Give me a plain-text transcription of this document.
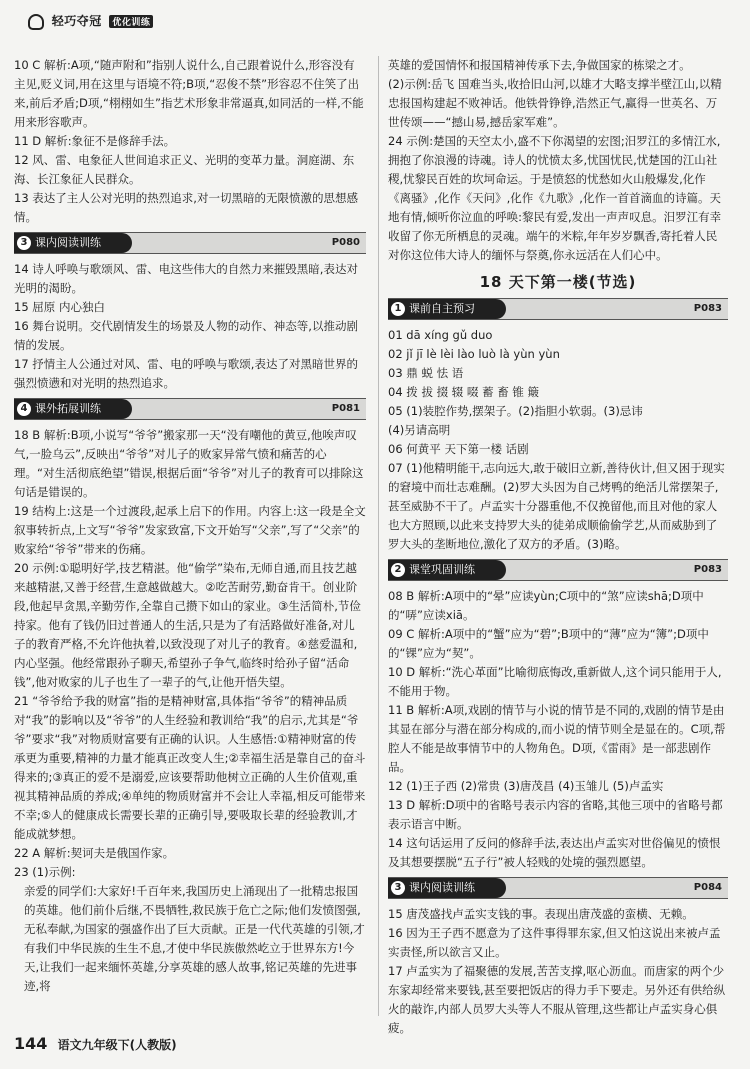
轻巧夺冠 优化训练

10 C 解析:A项,“随声附和”指别人说什么,自己跟着说什么,形容没有主见,贬义词,用在这里与语境不符;B项,“忍俊不禁”形容忍不住笑了出来,前后矛盾;D项,“栩栩如生”指艺术形象非常逼真,如同活的一样,不能用来形容歌声。

11 D 解析:象征不是修辞手法。

12 风、雷、电象征人世间追求正义、光明的变革力量。洞庭湖、东海、长江象征人民群众。

13 表达了主人公对光明的热烈追求,对一切黑暗的无限愤激的思想感情。

3 课内阅读训练	P080

14 诗人呼唤与歌颂风、雷、电这些伟大的自然力来摧毁黑暗,表达对光明的渴盼。

15 屈原 内心独白

16 舞台说明。交代剧情发生的场景及人物的动作、神态等,以推动剧情的发展。

17 抒情主人公通过对风、雷、电的呼唤与歌颂,表达了对黑暗世界的强烈愤懑和对光明的热烈追求。

4 课外拓展训练	P081

18 B 解析:B项,小说写“爷爷”搬家那一天“没有嘲他的黄豆,他唉声叹气,一脸乌云”,反映出“爷爷”对儿子的败家异常气愤和痛苦的心理。“对生活彻底绝望”错误,根据后面“爷爷”对儿子的教育可以排除这句话是错误的。

19 结构上:这是一个过渡段,起承上启下的作用。内容上:这一段是全文叙事转折点,上文写“爷爷”发家致富,下文开始写“父亲”,写了“父亲”的败家给“爷爷”带来的伤痛。

20 示例:①聪明好学,技艺精湛。他“偷学”染布,无师自通,而且技艺越来越精湛,又善于经营,生意越做越大。②吃苦耐劳,勤奋肯干。创业阶段,他起早贪黑,辛勤劳作,全靠自己攒下如山的家业。③生活简朴,节俭持家。他有了钱仍旧过普通人的生活,只是为了有活路做好准备,对儿子的教育严格,不允许他执着,以致没现了对儿子的教育。④慈爱温和,内心坚强。他经常跟孙子聊天,希望孙子争气,临终时给孙子留“活命钱”,他对败家的儿子也生了一辈子的气,让他开悟失望。

21 “爷爷给予我的财富”指的是精神财富,具体指“爷爷”的精神品质对“我”的影响以及“爷爷”的人生经验和教训给“我”的启示,尤其是“爷爷”要求“我”对物质财富要有正确的认识。人生感悟:①精神财富的传承更为重要,精神的力量才能真正改变人生;②幸福生活是靠自己的奋斗得来的;③真正的爱不是溺爱,应该要帮助他树立正确的人生价值观,重视其精神品质的养成;④单纯的物质财富并不会让人幸福,相反可能带来不幸;⑤人的健康成长需要长辈的正确引导,要吸取长辈的经验教训,才能成就梦想。

22 A 解析:契诃夫是俄国作家。

23 (1)示例:

亲爱的同学们:大家好!千百年来,我国历史上涌现出了一批精忠报国的英雄。他们前仆后继,不畏牺牲,救民族于危亡之际;他们发愤图强,无私奉献,为国家的强盛作出了巨大贡献。正是一代代英雄的引领,才有我们中华民族的生生不息,才使中华民族傲然屹立于世界东方!今天,让我们一起来缅怀英雄,分享英雄的感人故事,铭记英雄的先进事迹,将

英雄的爱国情怀和报国精神传承下去,争做国家的栋梁之才。

(2)示例:岳飞 国难当头,收拾旧山河,以雄才大略支撑半壁江山,以精忠报国构建起不败神话。他铁骨铮铮,浩然正气,赢得一世英名、万世传颂——“撼山易,撼岳家军难”。

24 示例:楚国的天空太小,盛不下你渴望的宏图;汨罗江的多情江水,拥抱了你浪漫的诗魂。诗人的忧愤太多,忧国忧民,忧楚国的江山社稷,忧黎民百姓的坎坷命运。于是愤怒的忧愁如火山般爆发,化作《离骚》,化作《天问》,化作《九歌》,化作一首首滴血的诗篇。天地有情,倾听你泣血的呼唤:黎民有爱,发出一声声叹息。汨罗江有幸收留了你无所栖息的灵魂。端午的米粽,年年岁岁飘香,寄托着人民对你这位伟大诗人的缅怀与祭奠,你永远活在人们心中。

18 天下第一楼(节选)
1 课前自主预习	P083

01 dā xíng gǔ duo

02 jǐ jī lè lèi lào luò là yùn yùn

03 鼎 蜕 怯 语

04 拨 拔 掇 辍 啜 蓄 畜 锥 簸

05 (1)装腔作势,摆架子。(2)指胆小软弱。(3)忌讳

(4)另请高明

06 何黄平 天下第一楼 话剧

07 (1)他精明能干,志向远大,敢于破旧立新,善待伙计,但又困于现实的窘境中而壮志难酬。(2)罗大头因为自己烤鸭的绝活儿常摆架子,甚至威胁不干了。卢孟实十分器重他,不仅挽留他,而且对他的家人也大方照顾,以此来支持罗大头的徒弟成顺偷偷学艺,从而威胁到了罗大头的垄断地位,激化了双方的矛盾。(3)略。

2 课堂巩固训练	P083

08 B 解析:A项中的“晕”应读yùn;C项中的“煞”应读shā;D项中的“哢”应读xiā。

09 C 解析:A项中的“蟹”应为“碧”;B项中的“薄”应为“簿”;D项中的“锞”应为“契”。

10 D 解析:“洗心革面”比喻彻底悔改,重新做人,这个词只能用于人,不能用于物。

11 B 解析:A项,戏剧的情节与小说的情节是不同的,戏剧的情节是由其显在部分与潜在部分构成的,而小说的情节则全是显在的。C项,帮腔人不能是故事情节中的人物角色。D项,《雷雨》是一部悲剧作品。

12 (1)王子西 (2)常贵 (3)唐茂昌 (4)玉雏儿 (5)卢孟实

13 D 解析:D项中的省略号表示内容的省略,其他三项中的省略号都表示语言中断。

14 这句话运用了反问的修辞手法,表达出卢孟实对世俗偏见的愤恨及其想要摆脱“五子行”被人轻贱的处境的强烈愿望。

3 课内阅读训练	P084

15 唐茂盛找卢孟实支钱的事。表现出唐茂盛的蛮横、无赖。

16 因为王子西不愿意为了这件事得罪东家,但又怕这说出来被卢孟实责怪,所以欲言又止。

17 卢孟实为了福聚德的发展,苦苦支撑,呕心沥血。而唐家的两个少东家却经常来要钱,甚至要把饭店的得力手下要走。另外还有供给纵火的敲诈,内部人员罗大头等人不服从管理,这些都让卢孟实身心俱疲。

144 语文九年级下(人教版)
